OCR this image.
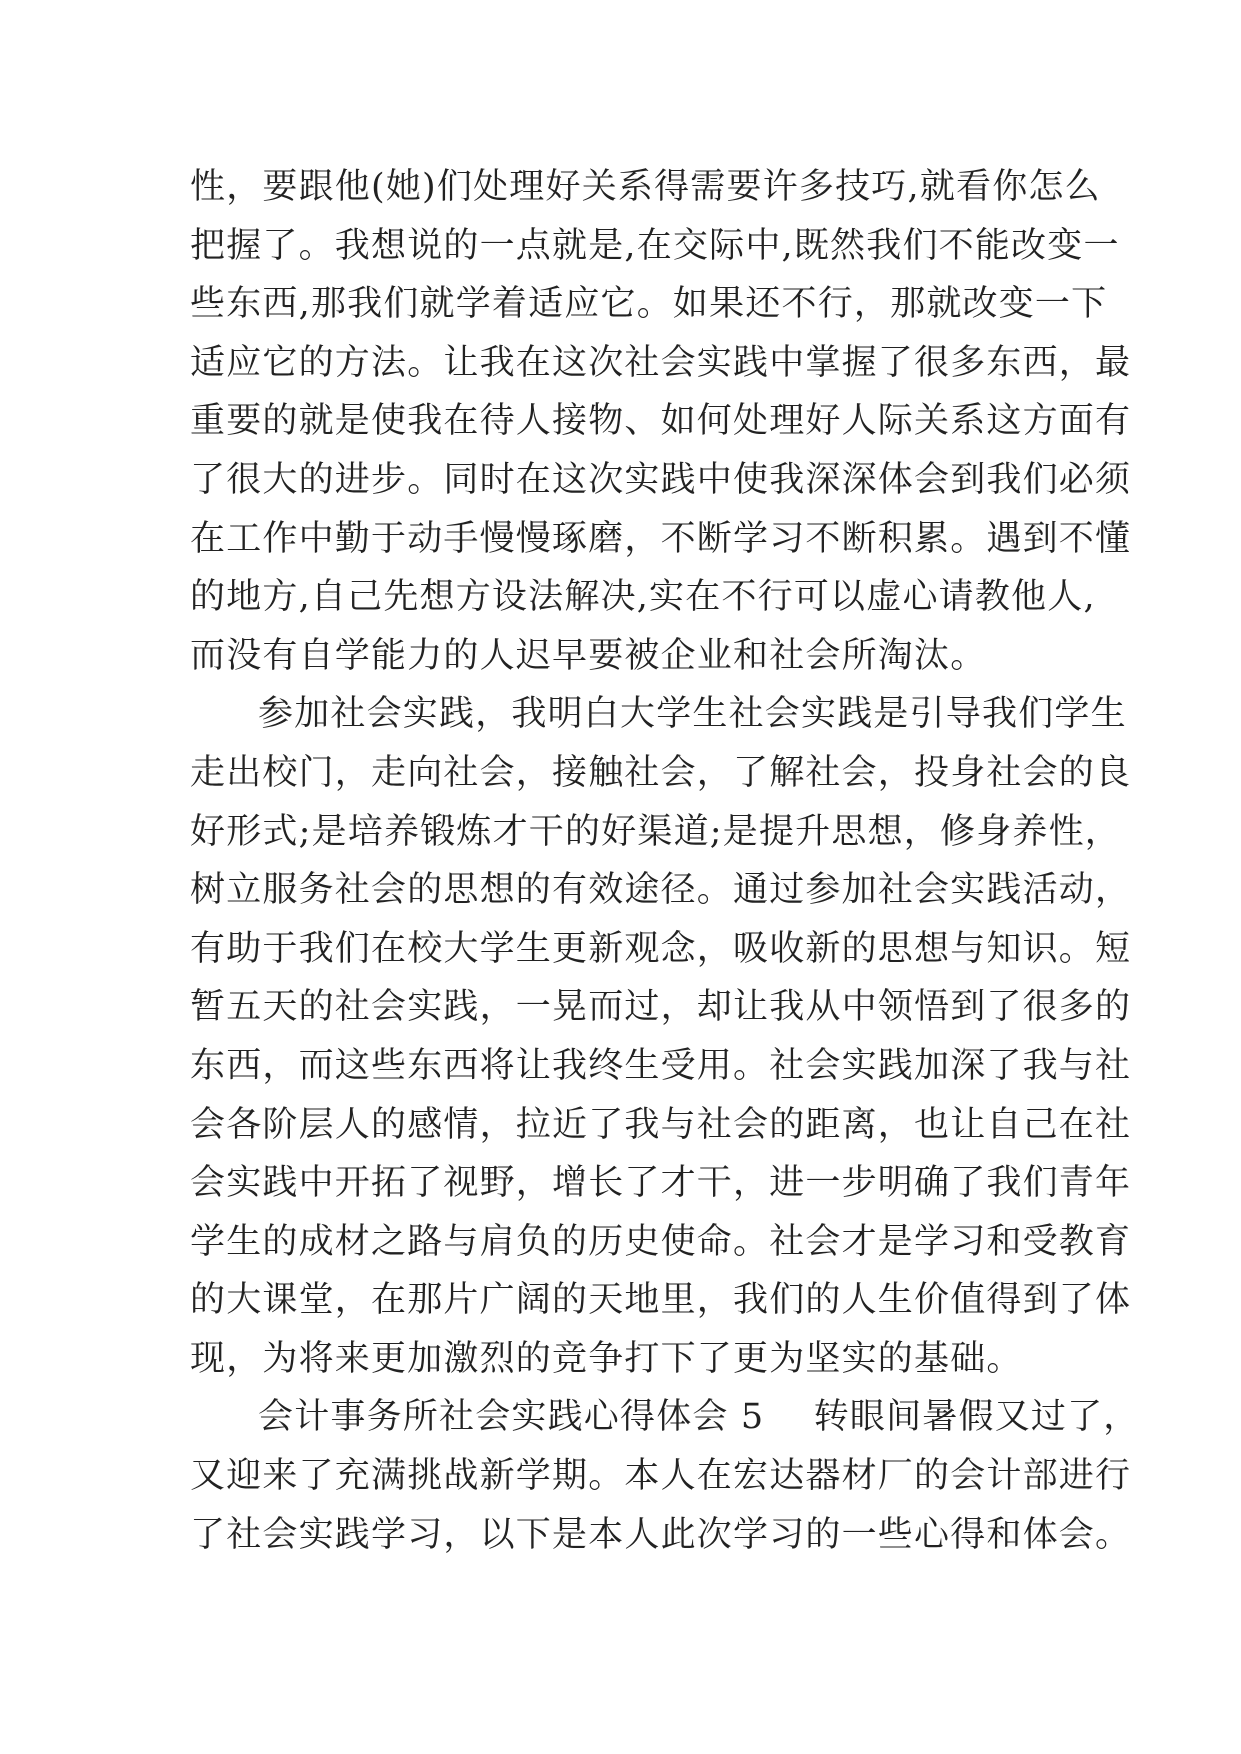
性，要跟他(她)们处理好关系得需要许多技巧,就看你怎么
把握了。我想说的一点就是,在交际中,既然我们不能改变一
些东西,那我们就学着适应它。如果还不行，那就改变一下
适应它的方法。让我在这次社会实践中掌握了很多东西，最
重要的就是使我在待人接物、如何处理好人际关系这方面有
了很大的进步。同时在这次实践中使我深深体会到我们必须
在工作中勤于动手慢慢琢磨，不断学习不断积累。遇到不懂
的地方,自己先想方设法解决,实在不行可以虚心请教他人,
而没有自学能力的人迟早要被企业和社会所淘汰。
参加社会实践，我明白大学生社会实践是引导我们学生
走出校门，走向社会，接触社会，了解社会，投身社会的良
好形式;是培养锻炼才干的好渠道;是提升思想，修身养性，
树立服务社会的思想的有效途径。通过参加社会实践活动，
有助于我们在校大学生更新观念，吸收新的思想与知识。短
暂五天的社会实践，一晃而过，却让我从中领悟到了很多的
东西，而这些东西将让我终生受用。社会实践加深了我与社
会各阶层人的感情，拉近了我与社会的距离，也让自己在社
会实践中开拓了视野，增长了才干，进一步明确了我们青年
学生的成材之路与肩负的历史使命。社会才是学习和受教育
的大课堂，在那片广阔的天地里，我们的人生价值得到了体
现，为将来更加激烈的竞争打下了更为坚实的基础。
会计事务所社会实践心得体会 5    转眼间暑假又过了，
又迎来了充满挑战新学期。本人在宏达器材厂的会计部进行
了社会实践学习，以下是本人此次学习的一些心得和体会。
